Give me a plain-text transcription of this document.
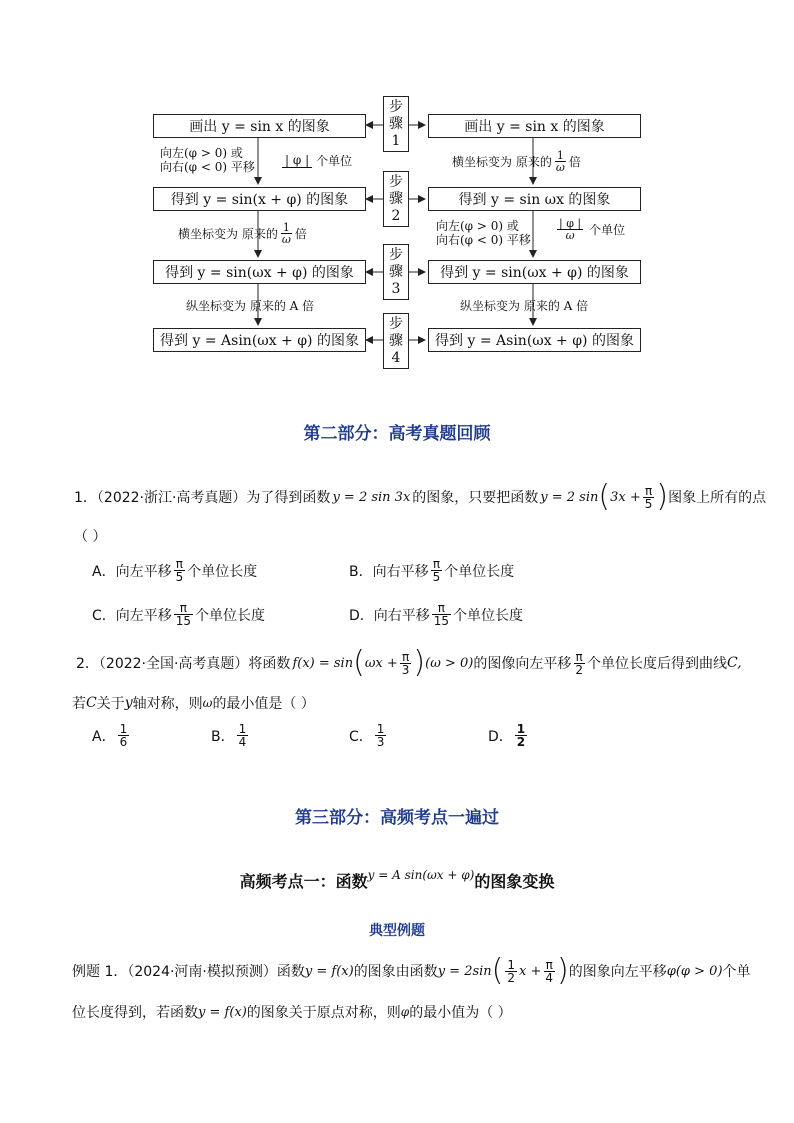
画出 y = sin x 的图象
得到 y = sin(x + φ) 的图象
得到 y = sin(ωx + φ) 的图象
得到 y = Asin(ωx + φ) 的图象
画出 y = sin x 的图象
得到 y = sin ωx 的图象
得到 y = sin(ωx + φ) 的图象
得到 y = Asin(ωx + φ) 的图象
步
骤
1
步
骤
2
步
骤
3
步
骤
4
向左(φ > 0) 或
向右(φ < 0) 平移	| φ | 个单位
横坐标变为 原来的 $\frac{1}{\omega}$ 倍
纵坐标变为 原来的 A 倍
横坐标变为 原来的 $\frac{1}{\omega}$ 倍
向左(φ > 0) 或
向右(φ < 0) 平移 $\frac{| \varphi |}{\omega}$ 个单位
纵坐标变为 原来的 A 倍
第二部分：高考真题回顾
1．（2022·浙江·高考真题）为了得到函数 y = 2 sin 3x 的图象，只要把函数 y = 2 sin ( $3x + \frac{\pi}{5}$ ) 图象上所有的点
（ ）
A．向左平移 $\frac{\pi}{5}$ 个单位长度	B．向右平移 $\frac{\pi}{5}$ 个单位长度
C．向左平移 $\frac{\pi}{15}$ 个单位长度	D．向右平移 $\frac{\pi}{15}$ 个单位长度
2．（2022·全国·高考真题）将函数 f(x) = sin ( $\omega x + \frac{\pi}{3}$ ) (ω > 0) 的图像向左平移 $\frac{\pi}{2}$ 个单位长度后得到曲线 C,
若 C 关于 y 轴对称，则 ω 的最小值是（ ）
A． $\frac{1}{6}$	B． $\frac{1}{4}$	C． $\frac{1}{3}$	D． $\frac{1}{2}$
第三部分：高频考点一遍过
高频考点一：函数 y = A sin(ωx + φ) 的图象变换
典型例题
例题 1．（2024·河南·模拟预测）函数 y = f(x) 的图象由函数 y = 2sin ( $\frac{1}{2}$ $x + \frac{\pi}{4}$ ) 的图象向左平移 φ(φ > 0) 个单
位长度得到，若函数 y = f(x) 的图象关于原点对称，则 φ 的最小值为（ ）
